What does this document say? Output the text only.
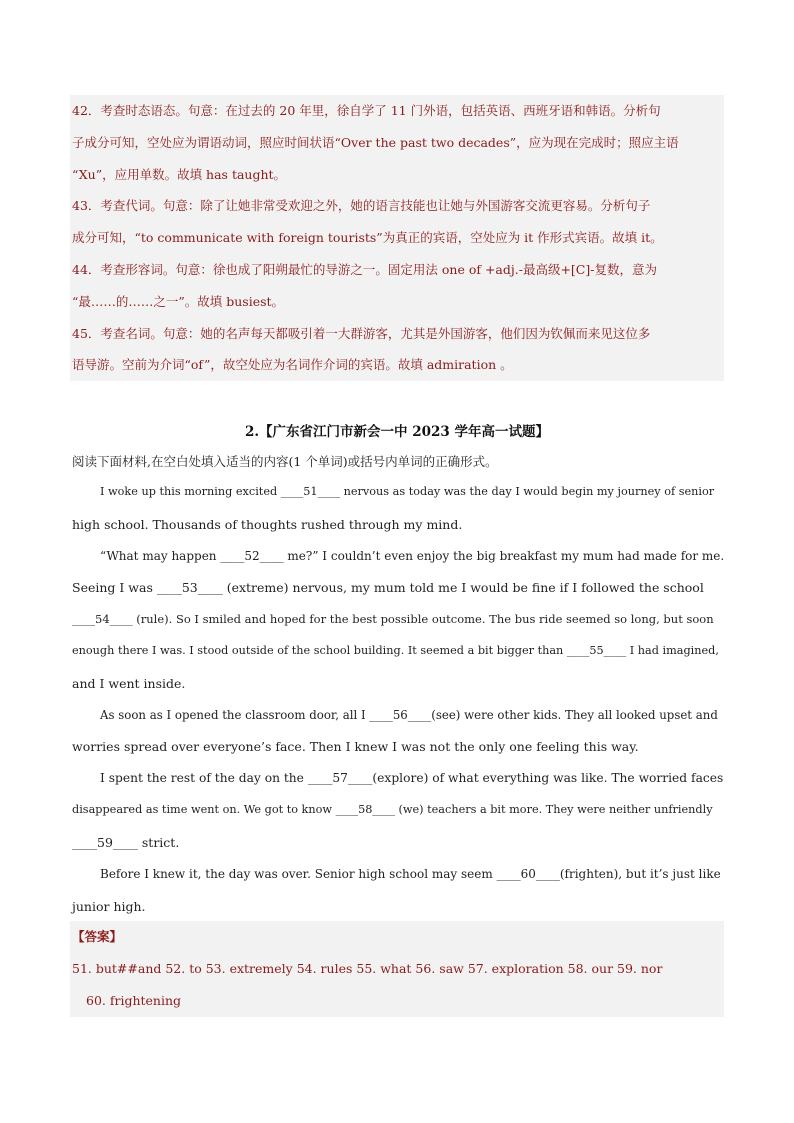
42．考查时态语态。句意：在过去的 20 年里，徐自学了 11 门外语，包括英语、西班牙语和韩语。分析句
子成分可知，空处应为谓语动词，照应时间状语“Over the past two decades”，应为现在完成时；照应主语
“Xu”，应用单数。故填 has taught。
43．考查代词。句意：除了让她非常受欢迎之外，她的语言技能也让她与外国游客交流更容易。分析句子
成分可知，“to communicate with foreign tourists”为真正的宾语，空处应为 it 作形式宾语。故填 it。
44．考查形容词。句意：徐也成了阳朔最忙的导游之一。固定用法 one of +adj.-最高级+[C]-复数，意为
“最……的……之一”。故填 busiest。
45．考查名词。句意：她的名声每天都吸引着一大群游客，尤其是外国游客，他们因为钦佩而来见这位多
语导游。空前为介词“of”，故空处应为名词作介词的宾语。故填 admiration 。
2.【广东省江门市新会一中 2023 学年高一试题】
阅读下面材料,在空白处填入适当的内容(1 个单词)或括号内单词的正确形式。
I woke up this morning excited ____51____ nervous as today was the day I would begin my journey of senior
high school. Thousands of thoughts rushed through my mind.
“What may happen ____52____ me?” I couldn’t even enjoy the big breakfast my mum had made for me.
Seeing I was ____53____ (extreme) nervous, my mum told me I would be fine if I followed the school
____54____ (rule). So I smiled and hoped for the best possible outcome. The bus ride seemed so long, but soon
enough there I was. I stood outside of the school building. It seemed a bit bigger than ____55____ I had imagined,
and I went inside.
As soon as I opened the classroom door, all I ____56____(see) were other kids. They all looked upset and
worries spread over everyone’s face. Then I knew I was not the only one feeling this way.
I spent the rest of the day on the ____57____(explore) of what everything was like. The worried faces
disappeared as time went on. We got to know ____58____ (we) teachers a bit more. They were neither unfriendly
____59____ strict.
Before I knew it, the day was over. Senior high school may seem ____60____(frighten), but it’s just like
junior high.
【答案】
51. but##and 52. to 53. extremely 54. rules 55. what 56. saw 57. exploration 58. our 59. nor
60. frightening
